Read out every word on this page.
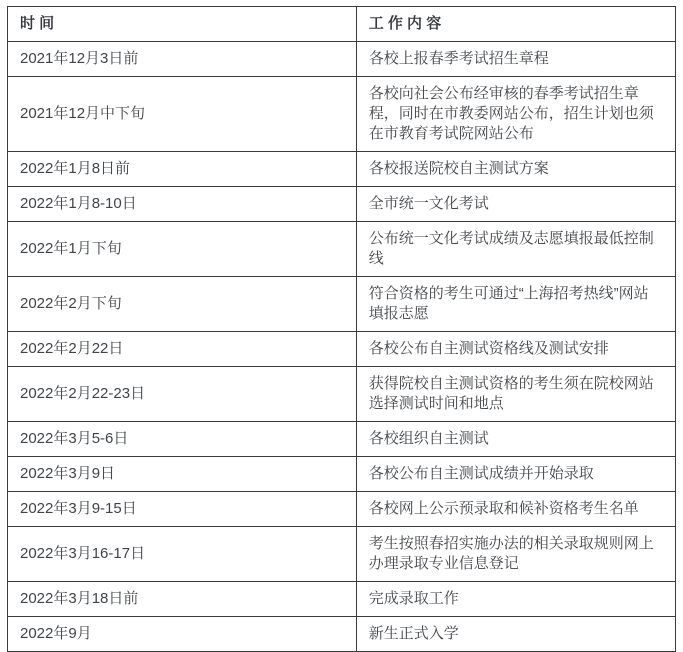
时 间	工 作 内 容
2021年12月3日前	各校上报春季考试招生章程
2021年12月中下旬	各校向社会公布经审核的春季考试招生章程，同时在市教委网站公布，招生计划也须在市教育考试院网站公布
2022年1月8日前	各校报送院校自主测试方案
2022年1月8-10日	全市统一文化考试
2022年1月下旬	公布统一文化考试成绩及志愿填报最低控制线
2022年2月下旬	符合资格的考生可通过“上海招考热线”网站填报志愿
2022年2月22日	各校公布自主测试资格线及测试安排
2022年2月22-23日	获得院校自主测试资格的考生须在院校网站选择测试时间和地点
2022年3月5-6日	各校组织自主测试
2022年3月9日	各校公布自主测试成绩并开始录取
2022年3月9-15日	各校网上公示预录取和候补资格考生名单
2022年3月16-17日	考生按照春招实施办法的相关录取规则网上办理录取专业信息登记
2022年3月18日前	完成录取工作
2022年9月	新生正式入学
